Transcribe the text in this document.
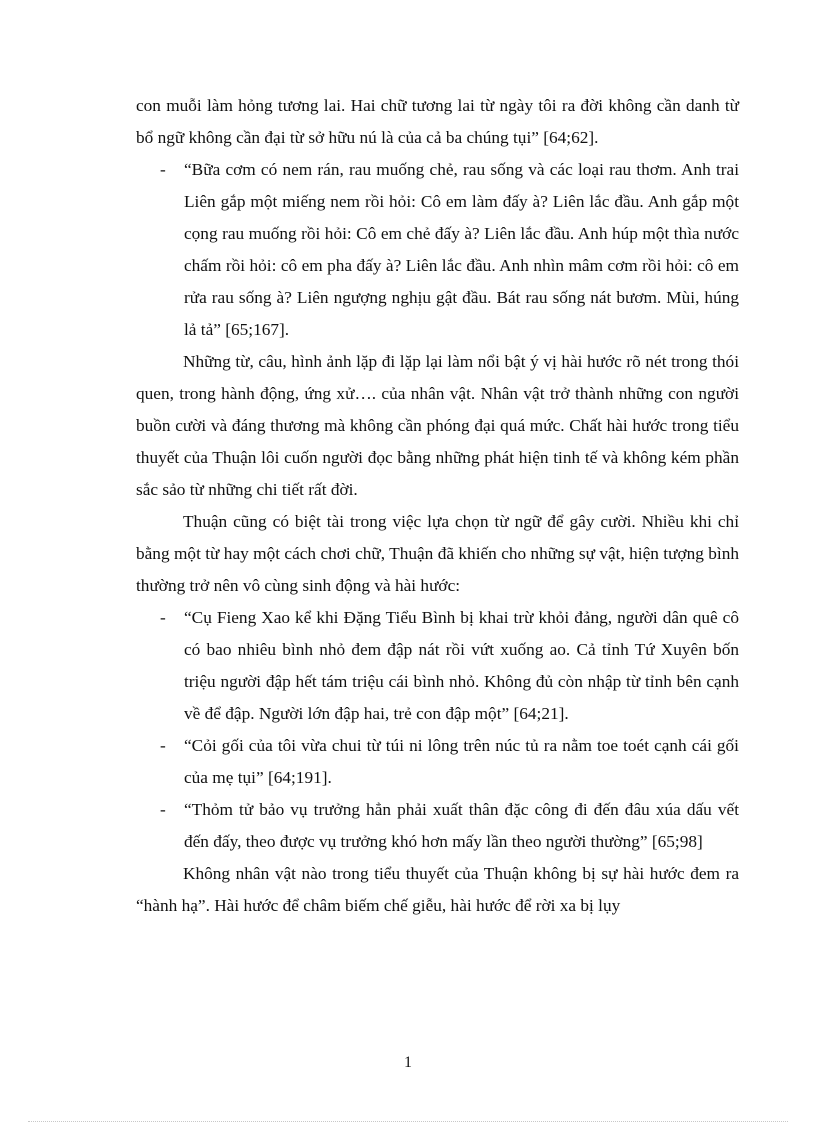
con muỗi làm hỏng tương lai. Hai chữ tương lai từ ngày tôi ra đời không cần danh từ bổ ngữ không cần đại từ sở hữu nú là của cả ba chúng tụi” [64;62].

- “Bữa cơm có nem rán, rau muống chẻ, rau sống và các loại rau thơm. Anh trai Liên gắp một miếng nem rồi hỏi: Cô em làm đấy à? Liên lắc đầu. Anh gắp một cọng rau muống rồi hỏi: Cô em chẻ đấy à? Liên lắc đầu. Anh húp một thìa nước chấm rồi hỏi: cô em pha đấy à? Liên lắc đầu. Anh nhìn mâm cơm rồi hỏi: cô em rửa rau sống à? Liên ngượng nghịu gật đầu. Bát rau sống nát bươm. Mùi, húng lả tả” [65;167].

Những từ, câu, hình ảnh lặp đi lặp lại làm nổi bật ý vị hài hước rõ nét trong thói quen, trong hành động, ứng xử…. của nhân vật. Nhân vật trở thành những con người buồn cười và đáng thương mà không cần phóng đại quá mức. Chất hài hước trong tiểu thuyết của Thuận lôi cuốn người đọc bằng những phát hiện tinh tế và không kém phần sắc sảo từ những chi tiết rất đời.

Thuận cũng có biệt tài trong việc lựa chọn từ ngữ để gây cười. Nhiều khi chỉ bằng một từ hay một cách chơi chữ, Thuận đã khiến cho những sự vật, hiện tượng bình thường trở nên vô cùng sinh động và hài hước:

- “Cụ Fieng Xao kể khi Đặng Tiểu Bình bị khai trừ khỏi đảng, người dân quê cô có bao nhiêu bình nhỏ đem đập nát rồi vứt xuống ao. Cả tỉnh Tứ Xuyên bốn triệu người đập hết tám triệu cái bình nhỏ. Không đủ còn nhập từ tỉnh bên cạnh về để đập. Người lớn đập hai, trẻ con đập một” [64;21].
- “Cỏi gối của tôi vừa chui từ túi ni lông trên núc tủ ra nằm toe toét cạnh cái gối của mẹ tụi” [64;191].
- “Thỏm tử bảo vụ trưởng hẳn phải xuất thân đặc công đi đến đâu xúa dấu vết đến đấy, theo được vụ trưởng khó hơn mấy lần theo người thường” [65;98]

Không nhân vật nào trong tiểu thuyết của Thuận không bị sự hài hước đem ra “hành hạ”. Hài hước để châm biếm chế giễu, hài hước để rời xa bị lụy

1
